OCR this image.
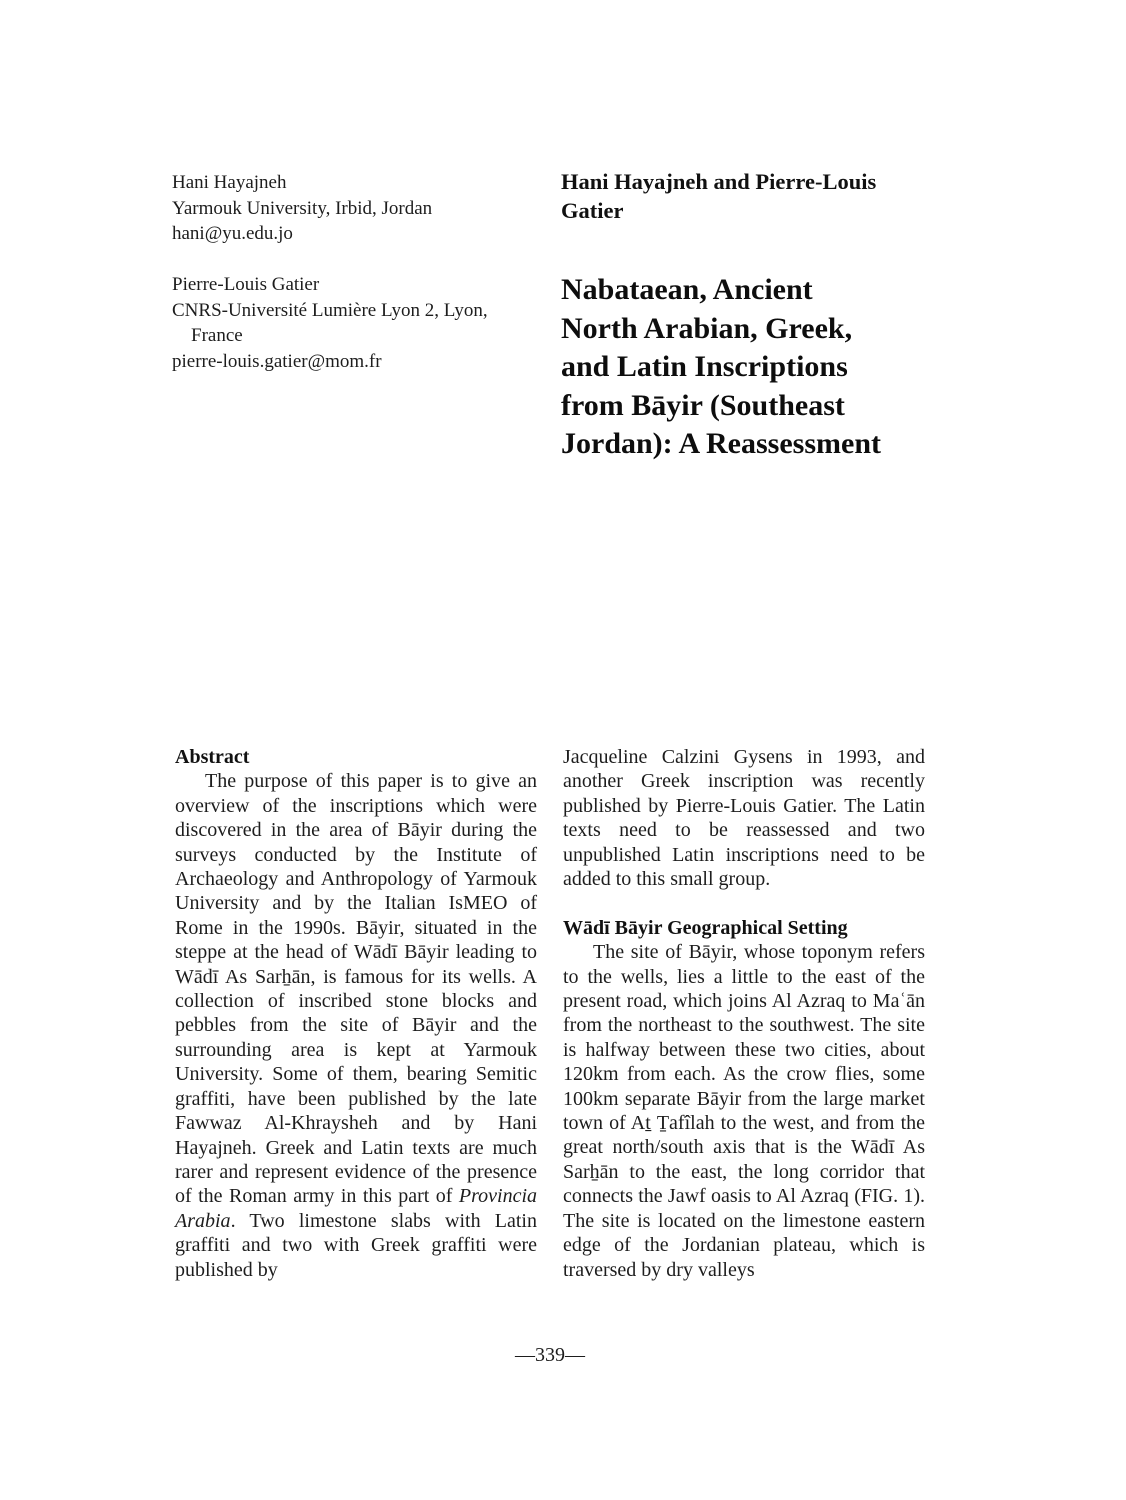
Hani Hayajneh
Yarmouk University, Irbid, Jordan
hani@yu.edu.jo
Pierre-Louis Gatier
CNRS-Université Lumière Lyon 2, Lyon,
France
pierre-louis.gatier@mom.fr
Hani Hayajneh and Pierre-Louis
Gatier
Nabataean, Ancient
North Arabian, Greek,
and Latin Inscriptions
from Bāyir (Southeast
Jordan): A Reassessment
Abstract

The purpose of this paper is to give an overview of the inscriptions which were discovered in the area of Bāyir during the surveys conducted by the Institute of Archaeology and Anthropology of Yarmouk University and by the Italian IsMEO of Rome in the 1990s. Bāyir, situated in the steppe at the head of Wādī Bāyir leading to Wādī As Sarẖān, is famous for its wells. A collection of inscribed stone blocks and pebbles from the site of Bāyir and the surrounding area is kept at Yarmouk University. Some of them, bearing Semitic graffiti, have been published by the late Fawwaz Al-Khraysheh and by Hani Hayajneh. Greek and Latin texts are much rarer and represent evidence of the presence of the Roman army in this part of Provincia Arabia. Two limestone slabs with Latin graffiti and two with Greek graffiti were published by

Jacqueline Calzini Gysens in 1993, and another Greek inscription was recently published by Pierre-Louis Gatier. The Latin texts need to be reassessed and two unpublished Latin inscriptions need to be added to this small group.

Wādī Bāyir Geographical Setting

The site of Bāyir, whose toponym refers to the wells, lies a little to the east of the present road, which joins Al Azraq to Maʿān from the northeast to the southwest. The site is halfway between these two cities, about 120km from each. As the crow flies, some 100km separate Bāyir from the large market town of Aṯ Ṯafîlah to the west, and from the great north/south axis that is the Wādī As Sarẖān to the east, the long corridor that connects the Jawf oasis to Al Azraq (FIG. 1). The site is located on the limestone eastern edge of the Jordanian plateau, which is traversed by dry valleys

—339—
